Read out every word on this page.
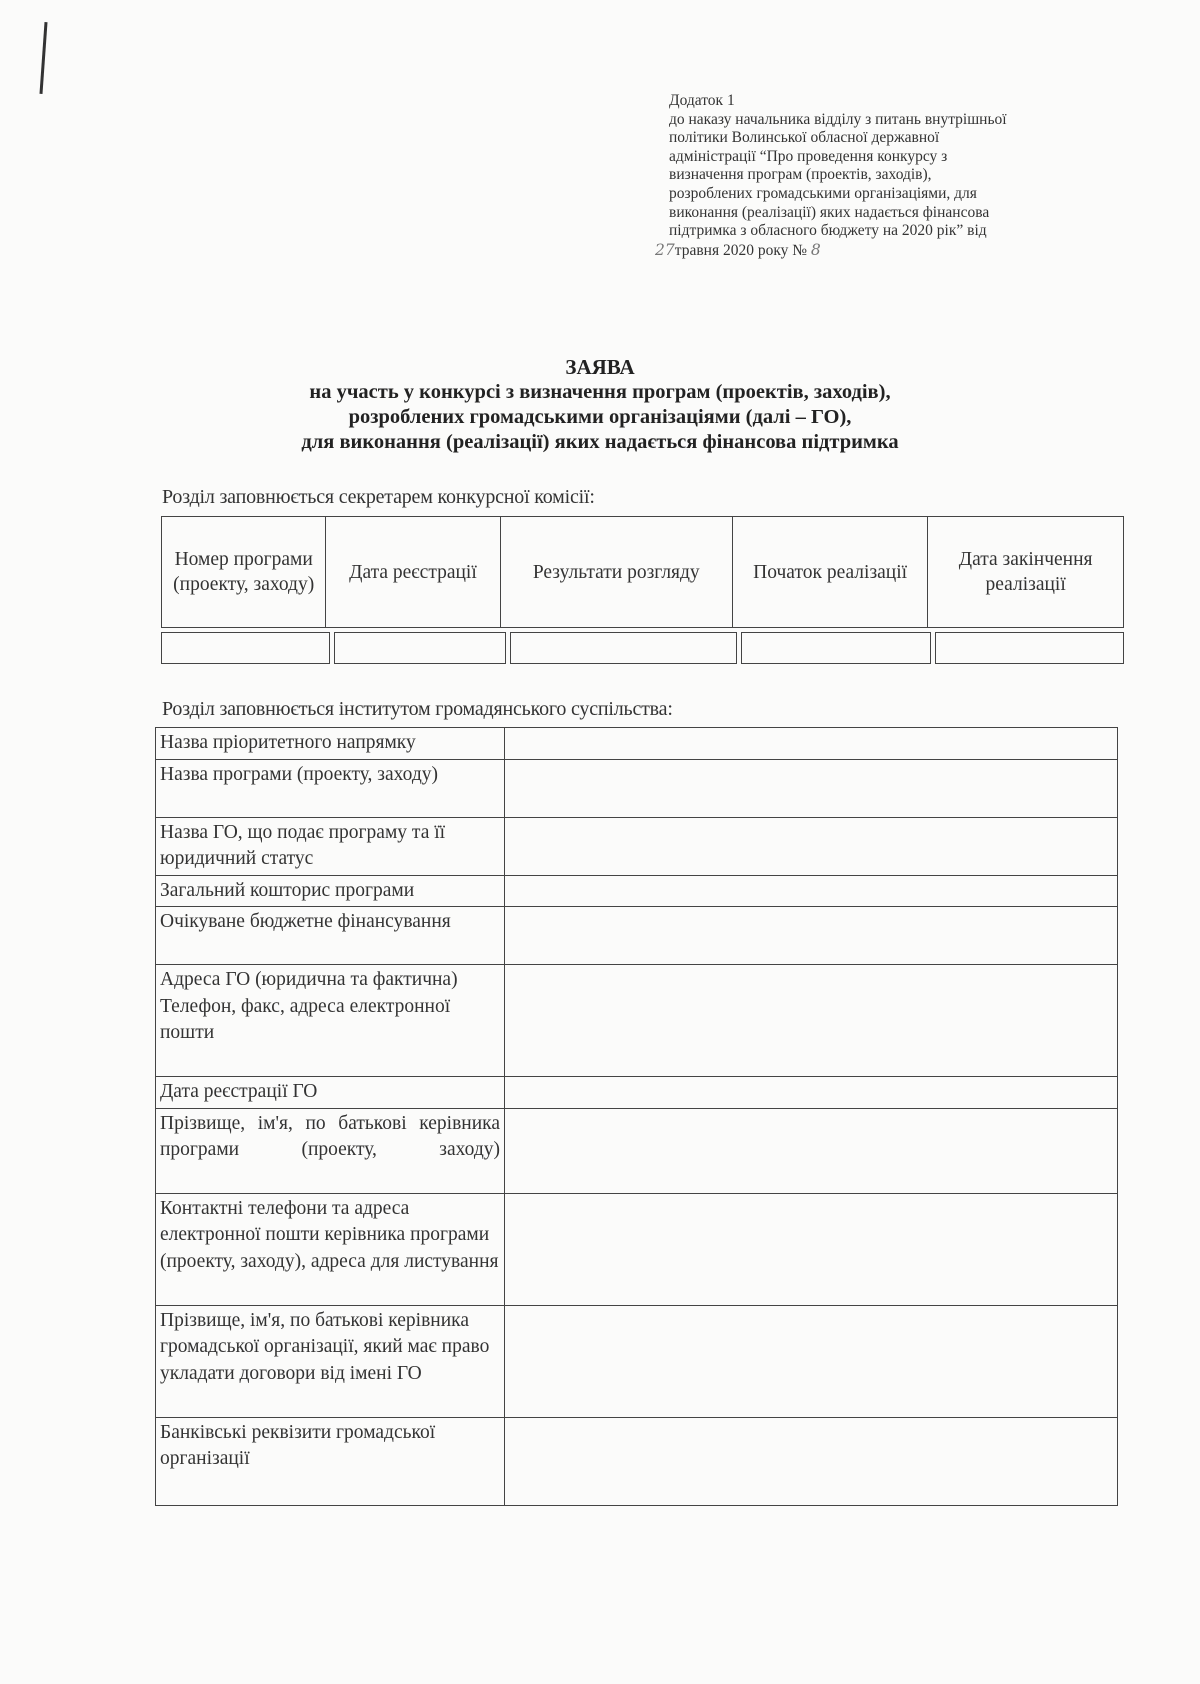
Додаток 1
до наказу начальника відділу з питань внутрішньої
політики Волинської обласної державної
адміністрації “Про проведення конкурсу з
визначення програм (проектів, заходів),
розроблених громадськими організаціями, для
виконання (реалізації) яких надається фінансова
підтримка з обласного бюджету на 2020 рік” від
27травня 2020 року № 8
ЗАЯВА
на участь у конкурсі з визначення програм (проектів, заходів),
розроблених громадськими організаціями (далі – ГО),
для виконання (реалізації) яких надається фінансова підтримка
Розділ заповнюється секретарем конкурсної комісії:
Номер програми (проекту, заходу)	Дата реєстрації	Результати розгляду	Початок реалізації	Дата закінчення реалізації
Розділ заповнюється інститутом громадянського суспільства:
Назва пріоритетного напрямку	
Назва програми (проекту, заходу)	
Назва ГО, що подає програму та її юридичний статус	
Загальний кошторис програми	
Очікуване бюджетне фінансування	
Адреса ГО (юридична та фактична) Телефон, факс, адреса електронної пошти	
Дата реєстрації ГО	
Прізвище, ім'я, по батькові керівника програми (проекту, заходу)	
Контактні телефони та адреса електронної пошти керівника програми (проекту, заходу), адреса для листування	
Прізвище, ім'я, по батькові керівника громадської організації, який має право укладати договори від імені ГО	
Банківські реквізити громадської організації	
